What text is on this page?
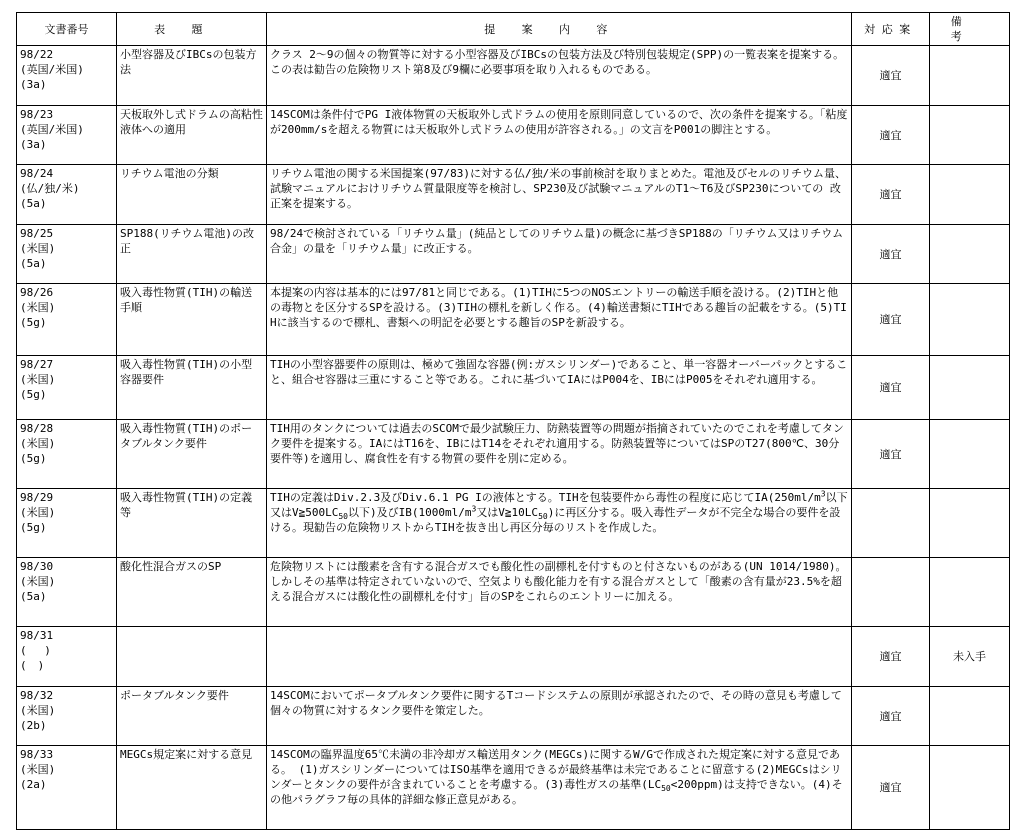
文書番号	表題	提案内容	対応案	備考
98/22
(英国/米国)
(3a)	小型容器及びIBCsの包装方法	クラス 2～9の個々の物質等に対する小型容器及びIBCsの包装方法及び特別包装規定(SPP)の一覧表案を提案する。この表は勧告の危険物リスト第8及び9欄に必要事項を取り入れるものである。	適宜	
98/23
(英国/米国)
(3a)	天板取外し式ドラムの高粘性液体への適用	14SCOMは条件付でPG I液体物質の天板取外し式ドラムの使用を原則同意しているので、次の条件を提案する。「粘度が200mm/sを超える物質には天板取外し式ドラムの使用が許容される。」の文言をP001の脚注とする。	適宜	
98/24
(仏/独/米)
(5a)	リチウム電池の分類	リチウム電池の関する米国提案(97/83)に対する仏/独/米の事前検討を取りまとめた。電池及びセルのリチウム量、試験マニュアルにおけリチウム質量限度等を検討し、SP230及び試験マニュアルのT1～T6及びSP230についての 改正案を提案する。	適宜	
98/25
(米国)
(5a)	SP188(リチウム電池)の改正	98/24で検討されている「リチウム量」(純品としてのリチウム量)の概念に基づきSP188の「リチウム又はリチウム合金」の量を「リチウム量」に改正する。	適宜	
98/26
(米国)
(5g)	吸入毒性物質(TIH)の輸送手順	本提案の内容は基本的には97/81と同じである。(1)TIHに5つのNOSエントリーの輸送手順を設ける。(2)TIHと他の毒物とを区分するSPを設ける。(3)TIHの標札を新しく作る。(4)輸送書類にTIHである趣旨の記載をする。(5)TIHに該当するので標札、書類への明記を必要とする趣旨のSPを新設する。	適宜	
98/27
(米国)
(5g)	吸入毒性物質(TIH)の小型容器要件	TIHの小型容器要件の原則は、極めて強固な容器(例:ガスシリンダー)であること、単一容器オーバーパックとすること、組合せ容器は三重にすること等である。これに基づいてIAにはP004を、IBにはP005をそれぞれ適用する。	適宜	
98/28
(米国)
(5g)	吸入毒性物質(TIH)のポータブルタンク要件	TIH用のタンクについては過去のSCOMで最少試験圧力、防熱装置等の問題が指摘されていたのでこれを考慮してタンク要件を提案する。IAにはT16を、IBにはT14をそれぞれ適用する。防熱装置等についてはSPのT27(800℃、30分要件等)を適用し、腐食性を有する物質の要件を別に定める。	適宜	
98/29
(米国)
(5g)	吸入毒性物質(TIH)の定義等	TIHの定義はDiv.2.3及びDiv.6.1 PG Iの液体とする。TIHを包装要件から毒性の程度に応じて$IA(250ml/m^3$以下又は$V≧500LC_{50}$以下)及び$IB(1000ml/m^3$又は$V≧10LC_{50}$)に再区分する。吸入毒性データが不完全な場合の要件を設ける。現勧告の危険物リストからTIHを抜き出し再区分毎のリストを作成した。		
98/30
(米国)
(5a)	酸化性混合ガスのSP	危険物リストには酸素を含有する混合ガスでも酸化性の副標札を付すものと付さないものがある(UN 1014/1980)。しかしその基準は特定されていないので、空気よりも酸化能力を有する混合ガスとして「酸素の含有量が23.5%を超える混合ガスには酸化性の副標札を付す」旨のSPをこれらのエントリーに加える。		
98/31
(　 )
(　)			適宜	未入手
98/32
(米国)
(2b)	ポータブルタンク要件	14SCOMにおいてポータブルタンク要件に関するTコードシステムの原則が承認されたので、その時の意見も考慮して個々の物質に対するタンク要件を策定した。	適宜	
98/33
(米国)
(2a)	MEGCs規定案に対する意見	14SCOMの臨界温度65℃未満の非冷却ガス輸送用タンク(MEGCs)に関するW/Gで作成された規定案に対する意見である。 (1)ガスシリンダーについてはISO基準を適用できるが最終基準は未完であることに留意する(2)MEGCsはシリンダーとタンクの要件が含まれていることを考慮する。(3)毒性ガスの基準$(LC_{50}<200ppm)$は支持できない。(4)その他パラグラフ毎の具体的詳細な修正意見がある。	適宜	
